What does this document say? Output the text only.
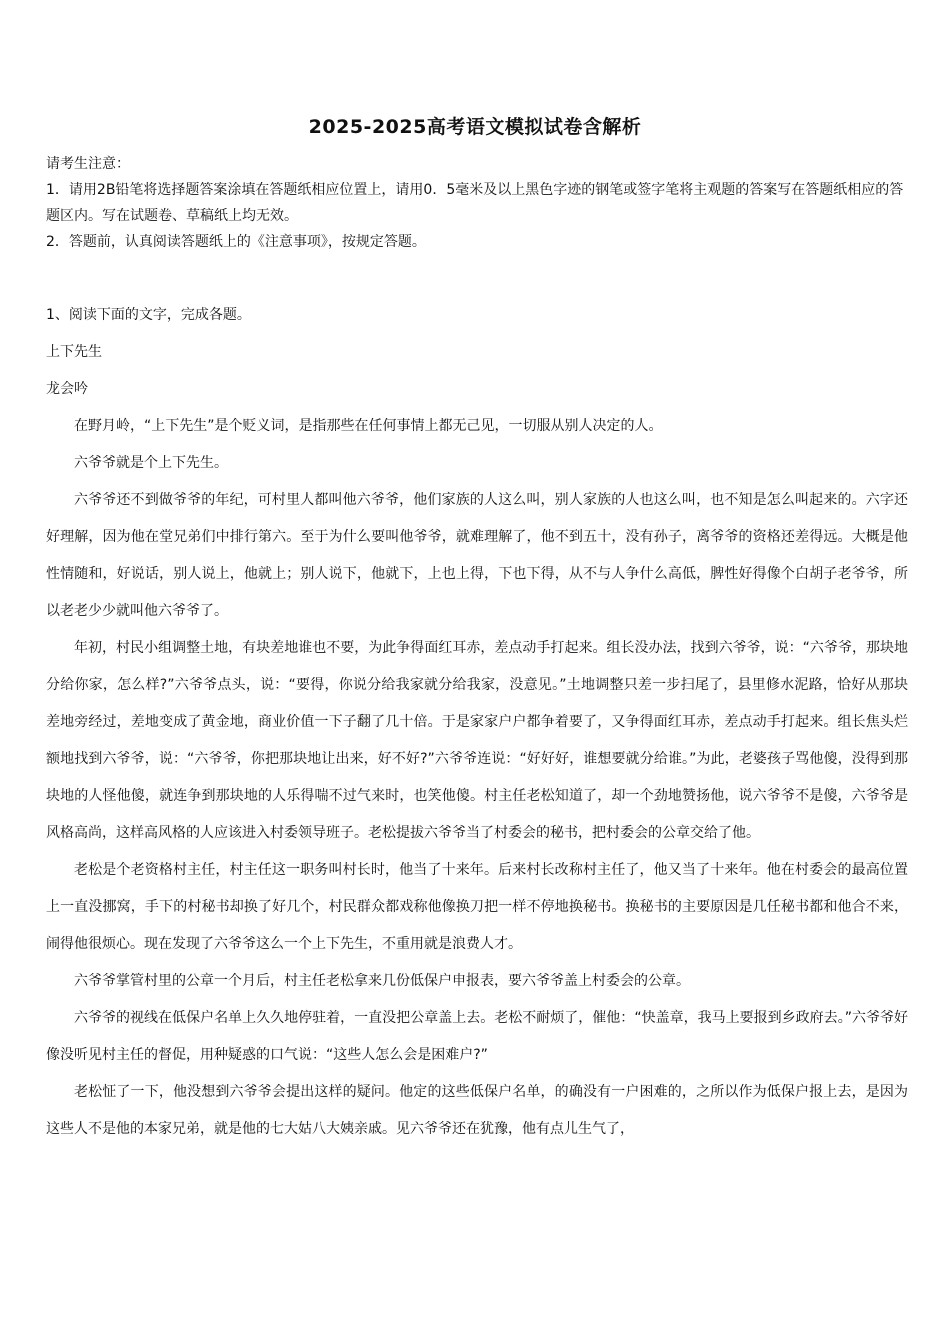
2025-2025高考语文模拟试卷含解析

请考生注意：

1．请用2B铅笔将选择题答案涂填在答题纸相应位置上，请用0．5毫米及以上黑色字迹的钢笔或签字笔将主观题的答案写在答题纸相应的答题区内。写在试题卷、草稿纸上均无效。

2．答题前，认真阅读答题纸上的《注意事项》，按规定答题。

1、阅读下面的文字，完成各题。

上下先生

龙会吟

在野月岭，“上下先生”是个贬义词，是指那些在任何事情上都无己见，一切服从别人决定的人。

六爷爷就是个上下先生。

六爷爷还不到做爷爷的年纪，可村里人都叫他六爷爷，他们家族的人这么叫，别人家族的人也这么叫，也不知是怎么叫起来的。六字还好理解，因为他在堂兄弟们中排行第六。至于为什么要叫他爷爷，就难理解了，他不到五十，没有孙子，离爷爷的资格还差得远。大概是他性情随和，好说话，别人说上，他就上；别人说下，他就下，上也上得，下也下得，从不与人争什么高低，脾性好得像个白胡子老爷爷，所以老老少少就叫他六爷爷了。

年初，村民小组调整土地，有块差地谁也不要，为此争得面红耳赤，差点动手打起来。组长没办法，找到六爷爷，说：“六爷爷，那块地分给你家，怎么样?”六爷爷点头，说：“要得，你说分给我家就分给我家，没意见。”土地调整只差一步扫尾了，县里修水泥路，恰好从那块差地旁经过，差地变成了黄金地，商业价值一下子翻了几十倍。于是家家户户都争着要了，又争得面红耳赤，差点动手打起来。组长焦头烂额地找到六爷爷，说：“六爷爷，你把那块地让出来，好不好?”六爷爷连说：“好好好，谁想要就分给谁。”为此，老婆孩子骂他傻，没得到那块地的人怪他傻，就连争到那块地的人乐得喘不过气来时，也笑他傻。村主任老松知道了，却一个劲地赞扬他，说六爷爷不是傻，六爷爷是风格高尚，这样高风格的人应该进入村委领导班子。老松提拔六爷爷当了村委会的秘书，把村委会的公章交给了他。

老松是个老资格村主任，村主任这一职务叫村长时，他当了十来年。后来村长改称村主任了，他又当了十来年。他在村委会的最高位置上一直没挪窝，手下的村秘书却换了好几个，村民群众都戏称他像换刀把一样不停地换秘书。换秘书的主要原因是几任秘书都和他合不来，闹得他很烦心。现在发现了六爷爷这么一个上下先生，不重用就是浪费人才。

六爷爷掌管村里的公章一个月后，村主任老松拿来几份低保户申报表，要六爷爷盖上村委会的公章。

六爷爷的视线在低保户名单上久久地停驻着，一直没把公章盖上去。老松不耐烦了，催他：“快盖章，我马上要报到乡政府去。”六爷爷好像没听见村主任的督促，用种疑惑的口气说：“这些人怎么会是困难户?”

老松怔了一下，他没想到六爷爷会提出这样的疑问。他定的这些低保户名单，的确没有一户困难的，之所以作为低保户报上去，是因为这些人不是他的本家兄弟，就是他的七大姑八大姨亲戚。见六爷爷还在犹豫，他有点儿生气了，
